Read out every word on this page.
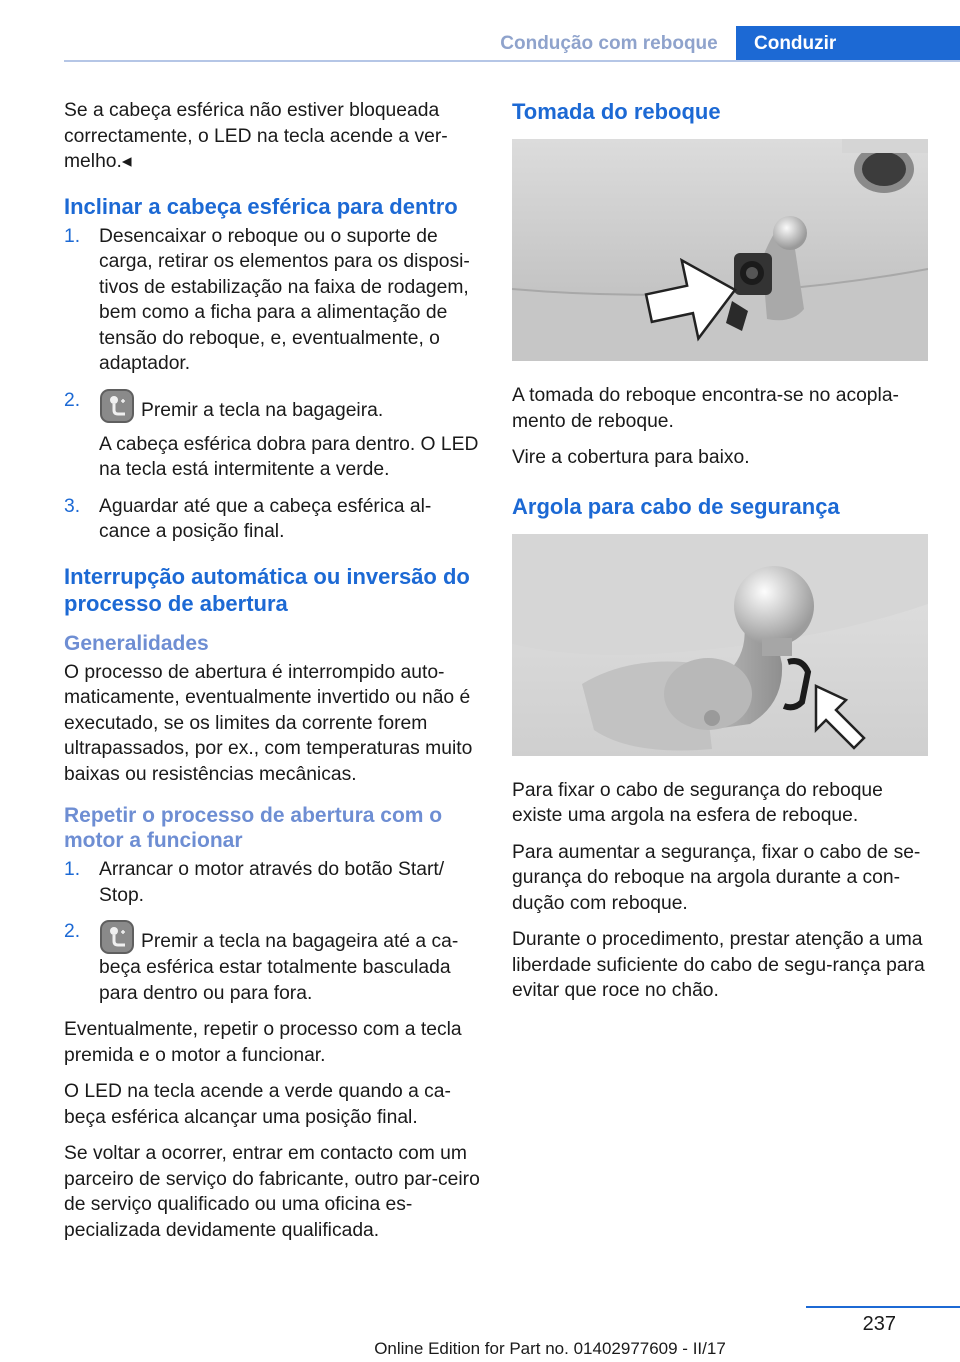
Condução com reboque	Conduzir

Se a cabeça esférica não estiver bloqueada correctamente, o LED na tecla acende a ver-melho.◂

Inclinar a cabeça esférica para dentro
1. Desencaixar o reboque ou o suporte de carga, retirar os elementos para os disposi-tivos de estabilização na faixa de rodagem, bem como a ficha para a alimentação de tensão do reboque, e, eventualmente, o adaptador.

2.	Premir a tecla na bagageira.

A cabeça esférica dobra para dentro. O LED na tecla está intermitente a verde.

3. Aguardar até que a cabeça esférica al-cance a posição final.

Interrupção automática ou inversão do processo de abertura
Generalidades

O processo de abertura é interrompido auto-maticamente, eventualmente invertido ou não é executado, se os limites da corrente forem ultrapassados, por ex., com temperaturas muito baixas ou resistências mecânicas.

Repetir o processo de abertura com o motor a funcionar
1. Arrancar o motor através do botão Start/ Stop.

2.	Premir a tecla na bagageira até a ca-beça esférica estar totalmente basculada para dentro ou para fora.

Eventualmente, repetir o processo com a tecla premida e o motor a funcionar.

O LED na tecla acende a verde quando a ca-beça esférica alcançar uma posição final.

Se voltar a ocorrer, entrar em contacto com um parceiro de serviço do fabricante, outro par-ceiro de serviço qualificado ou uma oficina es-pecializada devidamente qualificada.

Tomada do reboque

A tomada do reboque encontra-se no acopla-mento de reboque.

Vire a cobertura para baixo.

Argola para cabo de segurança

Para fixar o cabo de segurança do reboque existe uma argola na esfera de reboque.

Para aumentar a segurança, fixar o cabo de se-gurança do reboque na argola durante a con-dução com reboque.

Durante o procedimento, prestar atenção a uma liberdade suficiente do cabo de segu-rança para evitar que roce no chão.

237
Online Edition for Part no. 01402977609 - II/17
